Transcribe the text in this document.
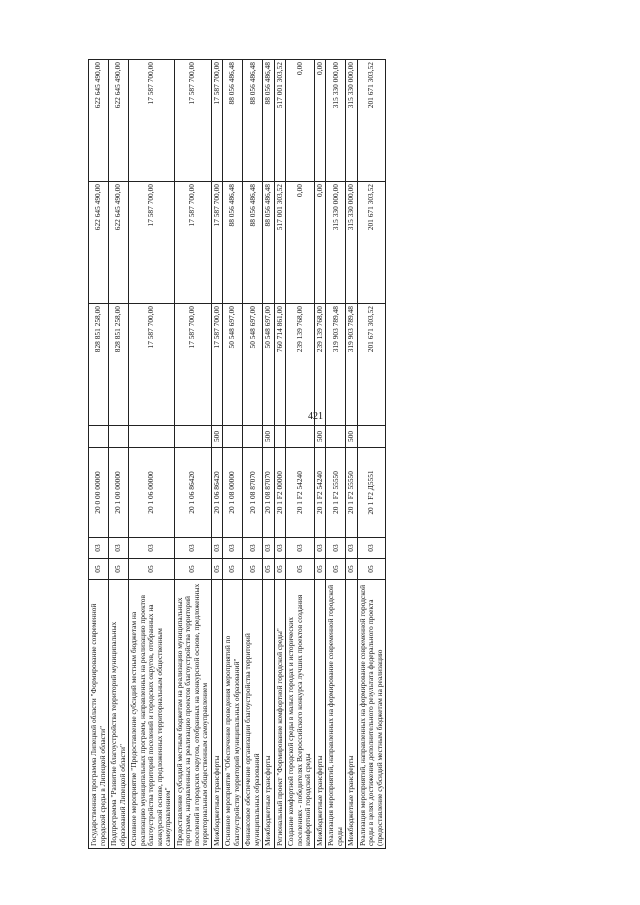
421
Государственная программа Липецкой области "Формирование современной городской среды в Липецкой области"	05	03	20 0 00 00000		828 851 258,00	622 645 490,00	622 645 490,00
Подпрограмма "Развитие благоустройства территорий муниципальных образований Липецкой области"	05	03	20 1 00 00000		828 851 258,00	622 645 490,00	622 645 490,00
Основное мероприятие "Предоставление субсидий местным бюджетам на реализацию муниципальных программ, направленных на реализацию проектов благоустройства территорий поселений и городских округов, отобранных на конкурсной основе, предложенных территориальным общественным самоуправлением"	05	03	20 1 06 00000		17 587 700,00	17 587 700,00	17 587 700,00
Предоставление субсидий местным бюджетам на реализацию муниципальных программ, направленных на реализацию проектов благоустройства территорий поселений и городских округов, отобранных на конкурсной основе, предложенных территориальным общественным самоуправлением	05	03	20 1 06 86420		17 587 700,00	17 587 700,00	17 587 700,00
Межбюджетные трансферты	05	03	20 1 06 86420	500	17 587 700,00	17 587 700,00	17 587 700,00
Основное мероприятие "Обеспечение проведения мероприятий по благоустройству территорий муниципальных образований"	05	03	20 1 08 00000		50 548 697,00	88 056 486,48	88 056 486,48
Финансовое обеспечение организации благоустройства территорий муниципальных образований	05	03	20 1 08 87070		50 548 697,00	88 056 486,48	88 056 486,48
Межбюджетные трансферты	05	03	20 1 08 87070	500	50 548 697,00	88 056 486,48	88 056 486,48
Региональный проект "Формирование комфортной городской среды"	05	03	20 1 F2 00000		760 714 861,00	517 001 303,52	517 001 303,52
Создание комфортной городской среды в малых городах и исторических поселениях - победителях Всероссийского конкурса лучших проектов создания комфортной городской среды	05	03	20 1 F2 54240		239 139 768,00	0,00	0,00
Межбюджетные трансферты	05	03	20 1 F2 54240	500	239 139 768,00	0,00	0,00
Реализация мероприятий, направленных на формирование современной городской среды	05	03	20 1 F2 55550		319 903 789,48	315 330 000,00	315 330 000,00
Межбюджетные трансферты	05	03	20 1 F2 55550	500	319 903 789,48	315 330 000,00	315 330 000,00
Реализация мероприятий, направленных на формирование современной городской среды в целях достижения дополнительного результата федерального проекта (предоставление субсидий местным бюджетам на реализацию	05	03	20 1 F2 Д5551		201 671 303,52	201 671 303,52	201 671 303,52
